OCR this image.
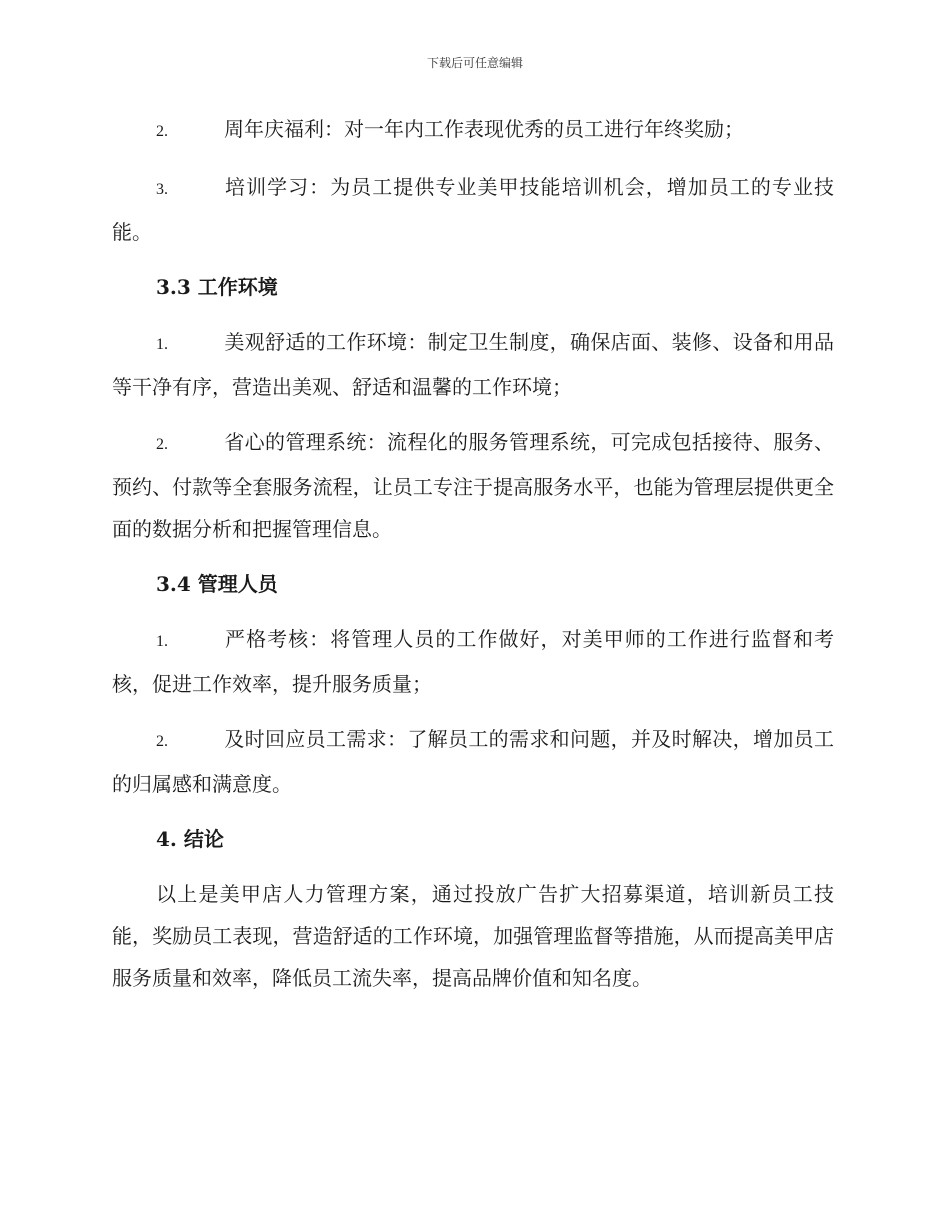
下载后可任意编辑

2.	周年庆福利：对一年内工作表现优秀的员工进行年终奖励；

3.	培训学习：为员工提供专业美甲技能培训机会，增加员工的专业技能。

3.3 工作环境

1.	美观舒适的工作环境：制定卫生制度，确保店面、装修、设备和用品等干净有序，营造出美观、舒适和温馨的工作环境；

2.	省心的管理系统：流程化的服务管理系统，可完成包括接待、服务、预约、付款等全套服务流程，让员工专注于提高服务水平，也能为管理层提供更全面的数据分析和把握管理信息。

3.4 管理人员

1.	严格考核：将管理人员的工作做好，对美甲师的工作进行监督和考核，促进工作效率，提升服务质量；

2.	及时回应员工需求：了解员工的需求和问题，并及时解决，增加员工的归属感和满意度。

4. 结论

以上是美甲店人力管理方案，通过投放广告扩大招募渠道，培训新员工技能，奖励员工表现，营造舒适的工作环境，加强管理监督等措施，从而提高美甲店服务质量和效率，降低员工流失率，提高品牌价值和知名度。
